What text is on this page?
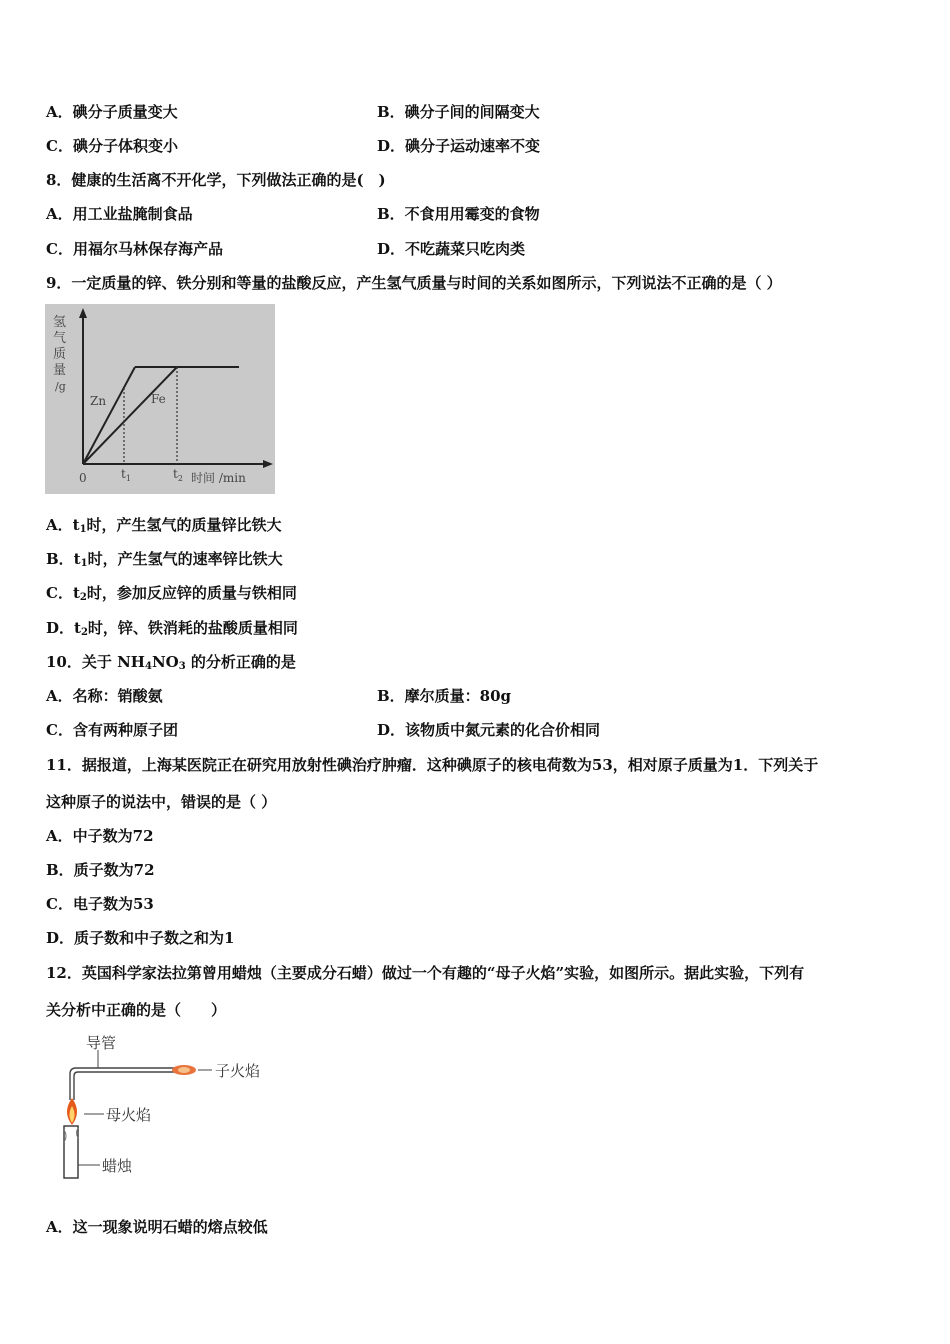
A．碘分子质量变大	B．碘分子间的间隔变大
C．碘分子体积变小	D．碘分子运动速率不变
8．健康的生活离不开化学，下列做法正确的是(　)
A．用工业盐腌制食品	B．不食用用霉变的食物
C．用福尔马林保存海产品	D．不吃蔬菜只吃肉类
9．一定质量的锌、铁分别和等量的盐酸反应，产生氢气质量与时间的关系如图所示，下列说法不正确的是（ ）
氢
气
质
量
/g
Zn	Fe
0	$t_1$	$t_2$ 时间 /min
A．$t_1$时，产生氢气的质量锌比铁大
B．$t_1$时，产生氢气的速率锌比铁大
C．$t_2$时，参加反应锌的质量与铁相同
D．$t_2$时，锌、铁消耗的盐酸质量相同
10．关于 $NH_4NO_3$ 的分析正确的是
A．名称：销酸氨	B．摩尔质量：80g
C．含有两种原子团	D．该物质中氮元素的化合价相同
11．据报道，上海某医院正在研究用放射性碘治疗肿瘤．这种碘原子的核电荷数为53，相对原子质量为1．下列关于
这种原子的说法中，错误的是（ ）
A．中子数为72
B．质子数为72
C．电子数为53
D．质子数和中子数之和为1
12．英国科学家法拉第曾用蜡烛（主要成分石蜡）做过一个有趣的“母子火焰”实验，如图所示。据此实验，下列有
关分析中正确的是（　　）
导管
子火焰
母火焰
蜡烛
A．这一现象说明石蜡的熔点较低
